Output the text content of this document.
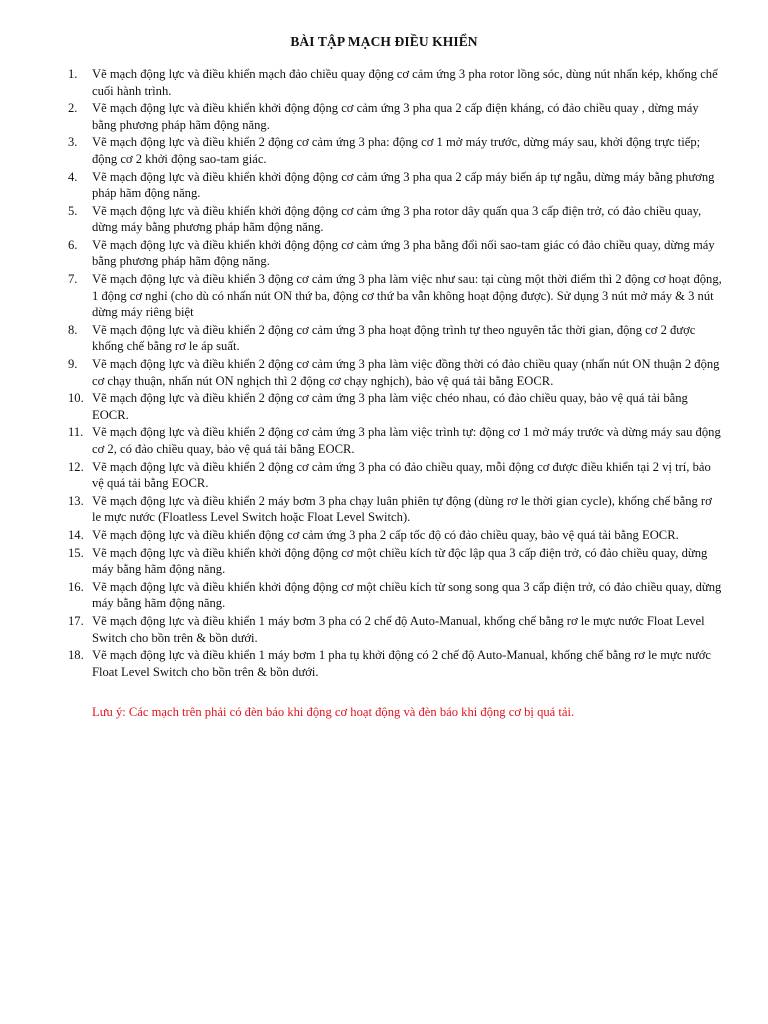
BÀI TẬP MẠCH ĐIỀU KHIỂN
1.	Vẽ mạch động lực và điều khiển mạch đảo chiều quay động cơ cảm ứng 3 pha rotor lồng sóc, dùng nút nhấn kép, khống chế cuối hành trình.
2.	Vẽ mạch động lực và điều khiển khởi động động cơ cảm ứng 3 pha qua 2 cấp điện kháng, có đảo chiều quay , dừng máy bằng phương pháp hãm động năng.
3.	Vẽ mạch động lực và điều khiển 2 động cơ cảm ứng 3 pha: động cơ 1 mở máy trước, dừng máy sau, khởi động trực tiếp; động cơ 2 khởi động sao-tam giác.
4.	Vẽ mạch động lực và điều khiển khởi động động cơ cảm ứng 3 pha qua 2 cấp máy biến áp tự ngẫu, dừng máy bằng phương pháp hãm động năng.
5.	Vẽ mạch động lực và điều khiển khởi động động cơ cảm ứng 3 pha rotor dây quấn qua 3 cấp điện trở, có đảo chiều quay, dừng máy bằng phương pháp hãm động năng.
6.	Vẽ mạch động lực và điều khiển khởi động động cơ cảm ứng 3 pha bằng đổi nối sao-tam giác có đảo chiều quay, dừng máy bằng phương pháp hãm động năng.
7.	Vẽ mạch động lực và điều khiển 3 động cơ cảm ứng 3 pha làm việc như sau: tại cùng một thời điểm thì 2 động cơ hoạt động, 1 động cơ nghỉ (cho dù có nhấn nút ON thứ ba, động cơ thứ ba vẫn không hoạt động được). Sử dụng 3 nút mở máy & 3 nút dừng máy riêng biệt
8.	Vẽ mạch động lực và điều khiển 2 động cơ cảm ứng 3 pha hoạt động trình tự theo nguyên tắc thời gian, động cơ 2 được khống chế bằng rơ le áp suất.
9.	Vẽ mạch động lực và điều khiển 2 động cơ cảm ứng 3 pha làm việc đồng thời có đảo chiều quay (nhấn nút ON thuận 2 động cơ chạy thuận, nhấn nút ON nghịch thì 2 động cơ chạy nghịch), bảo vệ quá tải bằng EOCR.
10. Vẽ mạch động lực và điều khiển 2 động cơ cảm ứng 3 pha làm việc chéo nhau, có đảo chiều quay, bảo vệ quá tải bằng EOCR.
11. Vẽ mạch động lực và điều khiển 2 động cơ cảm ứng 3 pha làm việc trình tự: động cơ 1 mở máy trước và dừng máy sau động cơ 2, có đảo chiều quay, bảo vệ quá tải bằng EOCR.
12. Vẽ mạch động lực và điều khiển 2 động cơ cảm ứng 3 pha có đảo chiều quay, mỗi động cơ được điều khiển tại 2 vị trí, bảo vệ quá tải bằng EOCR.
13. Vẽ mạch động lực và điều khiển 2 máy bơm 3 pha chạy luân phiên tự động (dùng rơ le thời gian cycle), khống chế bằng rơ le mực nước (Floatless Level Switch hoặc Float Level Switch).
14. Vẽ mạch động lực và điều khiển động cơ cảm ứng 3 pha 2 cấp tốc độ có đảo chiều quay, bảo vệ quá tải bằng EOCR.
15. Vẽ mạch động lực và điều khiển khởi động động cơ một chiều kích từ độc lập qua 3 cấp điện trở, có đảo chiều quay, dừng máy bằng hãm động năng.
16. Vẽ mạch động lực và điều khiển khởi động động cơ một chiều kích từ song song qua 3 cấp điện trở, có đảo chiều quay, dừng máy bằng hãm động năng.
17. Vẽ mạch động lực và điều khiển 1 máy bơm 3 pha có 2 chế độ Auto-Manual, khống chế bằng rơ le mực nước Float Level Switch cho bồn trên & bồn dưới.
18. Vẽ mạch động lực và điều khiển 1 máy bơm 1 pha tụ khởi động có 2 chế độ Auto-Manual, khống chế bằng rơ le mực nước Float Level Switch cho bồn trên & bồn dưới.

Lưu ý: Các mạch trên phải có đèn báo khi động cơ hoạt động và đèn báo khi động cơ bị quá tải.
